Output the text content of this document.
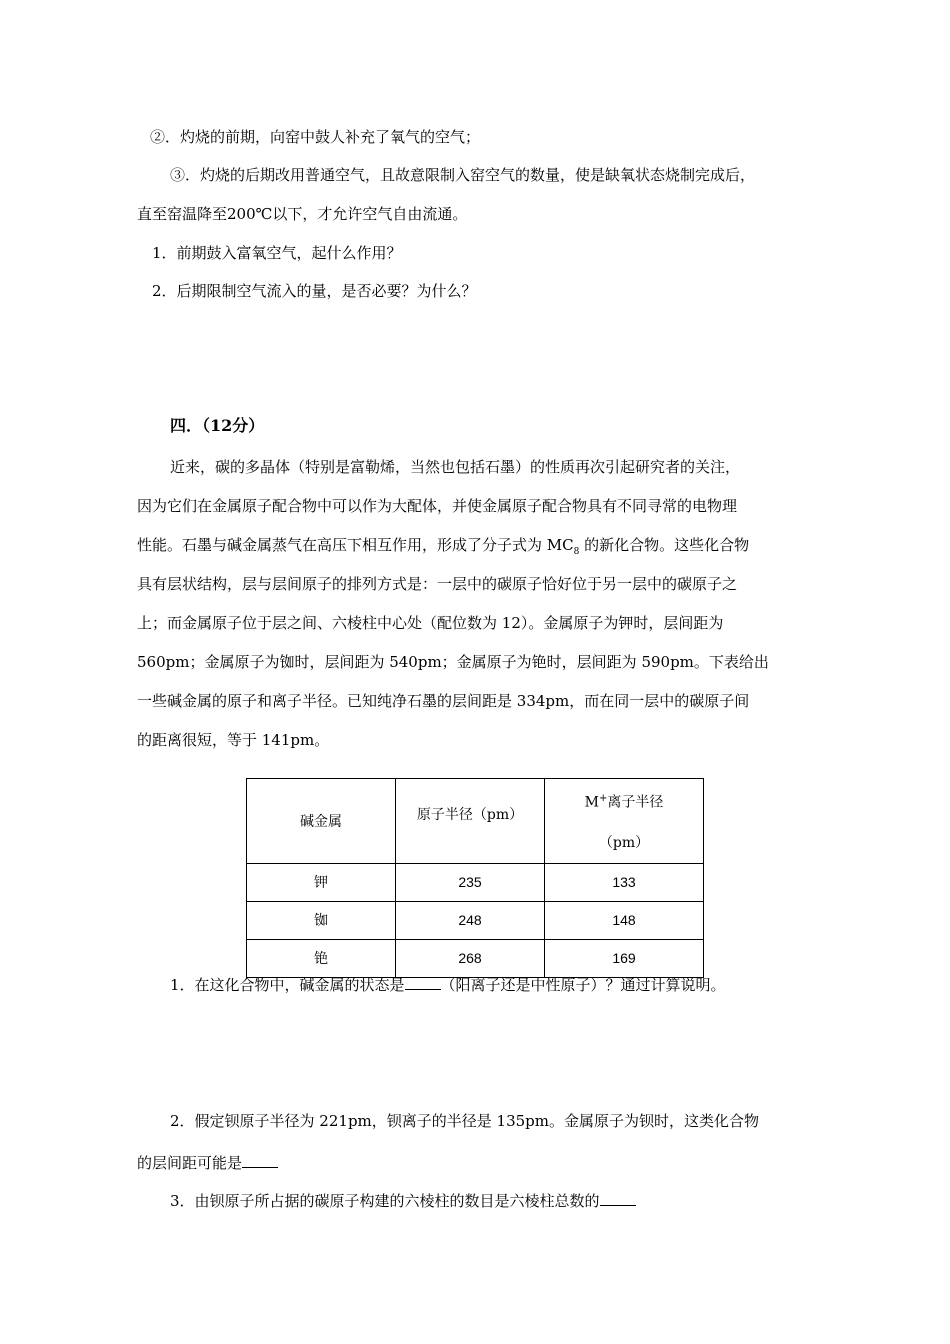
②．灼烧的前期，向窑中鼓人补充了氧气的空气；
③．灼烧的后期改用普通空气，且故意限制入窑空气的数量，使是缺氧状态烧制完成后，
直至窑温降至200℃以下，才允许空气自由流通。
1．前期鼓入富氧空气，起什么作用？
2．后期限制空气流入的量，是否必要？为什么？
四．（12分）
近来，碳的多晶体（特别是富勒烯，当然也包括石墨）的性质再次引起研究者的关注，
因为它们在金属原子配合物中可以作为大配体，并使金属原子配合物具有不同寻常的电物理
性能。石墨与碱金属蒸气在高压下相互作用，形成了分子式为 $MC_8$ 的新化合物。这些化合物
具有层状结构，层与层间原子的排列方式是：一层中的碳原子恰好位于另一层中的碳原子之
上；而金属原子位于层之间、六棱柱中心处（配位数为 12）。金属原子为钾时，层间距为
560pm；金属原子为铷时，层间距为 540pm；金属原子为铯时，层间距为 590pm。下表给出
一些碱金属的原子和离子半径。已知纯净石墨的层间距是 334pm，而在同一层中的碳原子间
的距离很短，等于 141pm。
碱金属	原子半径（pm）	M+离子半径
（pm）

钾	235	133
铷	248	148
铯	268	169
1．在这化合物中，碱金属的状态是 （阳离子还是中性原子）？通过计算说明。
2．假定钡原子半径为 221pm，钡离子的半径是 135pm。金属原子为钡时，这类化合物
的层间距可能是
3．由钡原子所占据的碳原子构建的六棱柱的数目是六棱柱总数的
